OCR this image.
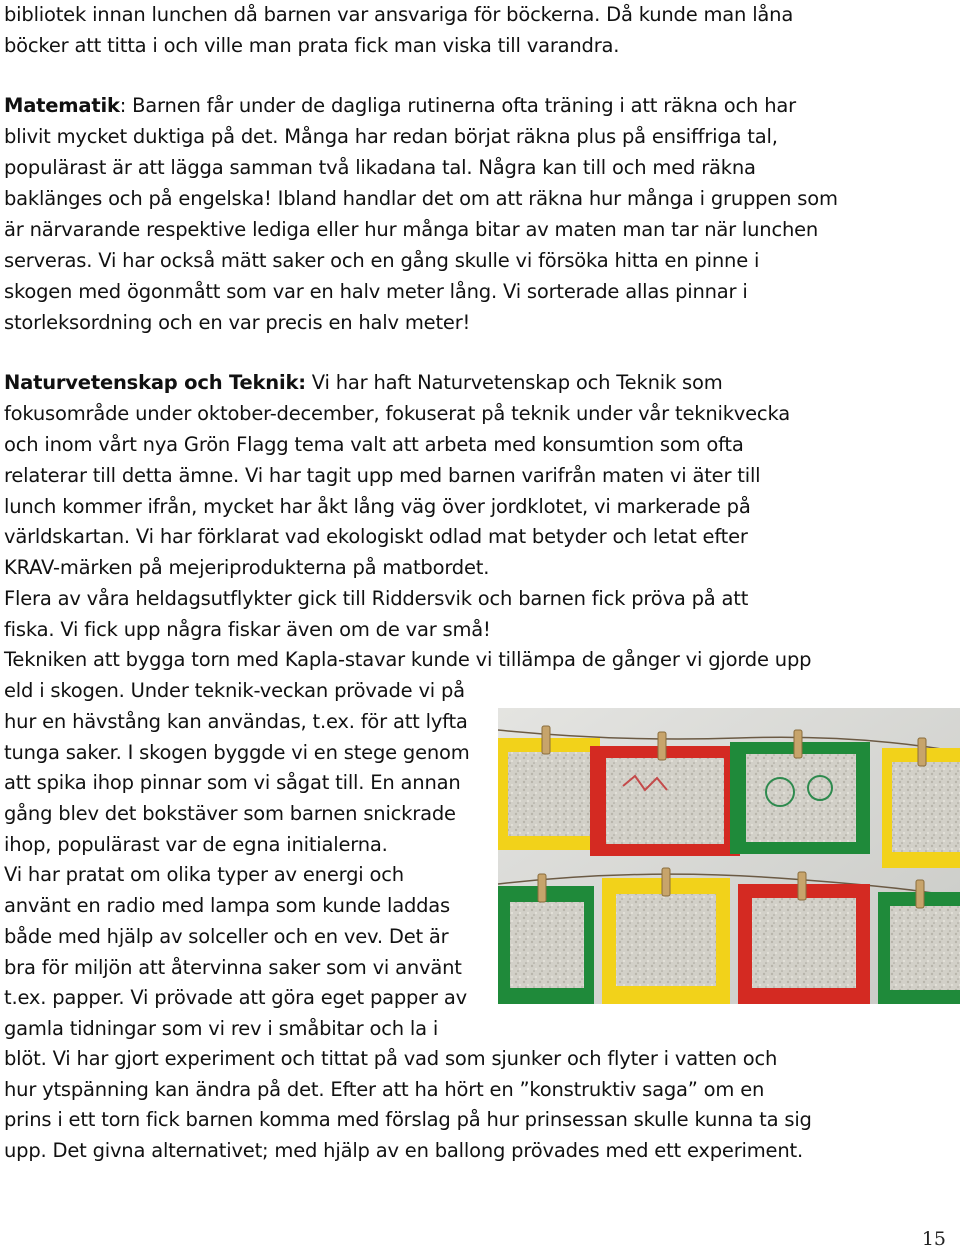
bibliotek innan lunchen då barnen var ansvariga för böckerna. Då kunde man låna
böcker att titta i och ville man prata fick man viska till varandra.
Matematik: Barnen får under de dagliga rutinerna ofta träning i att räkna och har
blivit mycket duktiga på det. Många har redan börjat räkna plus på ensiffriga tal,
populärast är att lägga samman två likadana tal. Några kan till och med räkna
baklänges och på engelska! Ibland handlar det om att räkna hur många i gruppen som
är närvarande respektive lediga eller hur många bitar av maten man tar när lunchen
serveras. Vi har också mätt saker och en gång skulle vi försöka hitta en pinne i
skogen med ögonmått som var en halv meter lång. Vi sorterade allas pinnar i
storleksordning och en var precis en halv meter!
Naturvetenskap och Teknik: Vi har haft Naturvetenskap och Teknik som
fokusområde under oktober-december, fokuserat på teknik under vår teknikvecka
och inom vårt nya Grön Flagg tema valt att arbeta med konsumtion som ofta
relaterar till detta ämne. Vi har tagit upp med barnen varifrån maten vi äter till
lunch kommer ifrån, mycket har åkt lång väg över jordklotet, vi markerade på
världskartan. Vi har förklarat vad ekologiskt odlad mat betyder och letat efter
KRAV-märken på mejeriprodukterna på matbordet.
Flera av våra heldagsutflykter gick till Riddersvik och barnen fick pröva på att
fiska. Vi fick upp några fiskar även om de var små!
Tekniken att bygga torn med Kapla-stavar kunde vi tillämpa de gånger vi gjorde upp
eld i skogen. Under teknik-veckan prövade vi på
hur en hävstång kan användas, t.ex. för att lyfta
tunga saker. I skogen byggde vi en stege genom
att spika ihop pinnar som vi sågat till. En annan
gång blev det bokstäver som barnen snickrade
ihop, populärast var de egna initialerna.
Vi har pratat om olika typer av energi och
använt en radio med lampa som kunde laddas
både med hjälp av solceller och en vev. Det är
bra för miljön att återvinna saker som vi använt
t.ex. papper. Vi prövade att göra eget papper av
gamla tidningar som vi rev i småbitar och la i
blöt. Vi har gjort experiment och tittat på vad som sjunker och flyter i vatten och
hur ytspänning kan ändra på det. Efter att ha hört en ”konstruktiv saga” om en
prins i ett torn fick barnen komma med förslag på hur prinsessan skulle kunna ta sig
upp. Det givna alternativet; med hjälp av en ballong prövades med ett experiment.
15
